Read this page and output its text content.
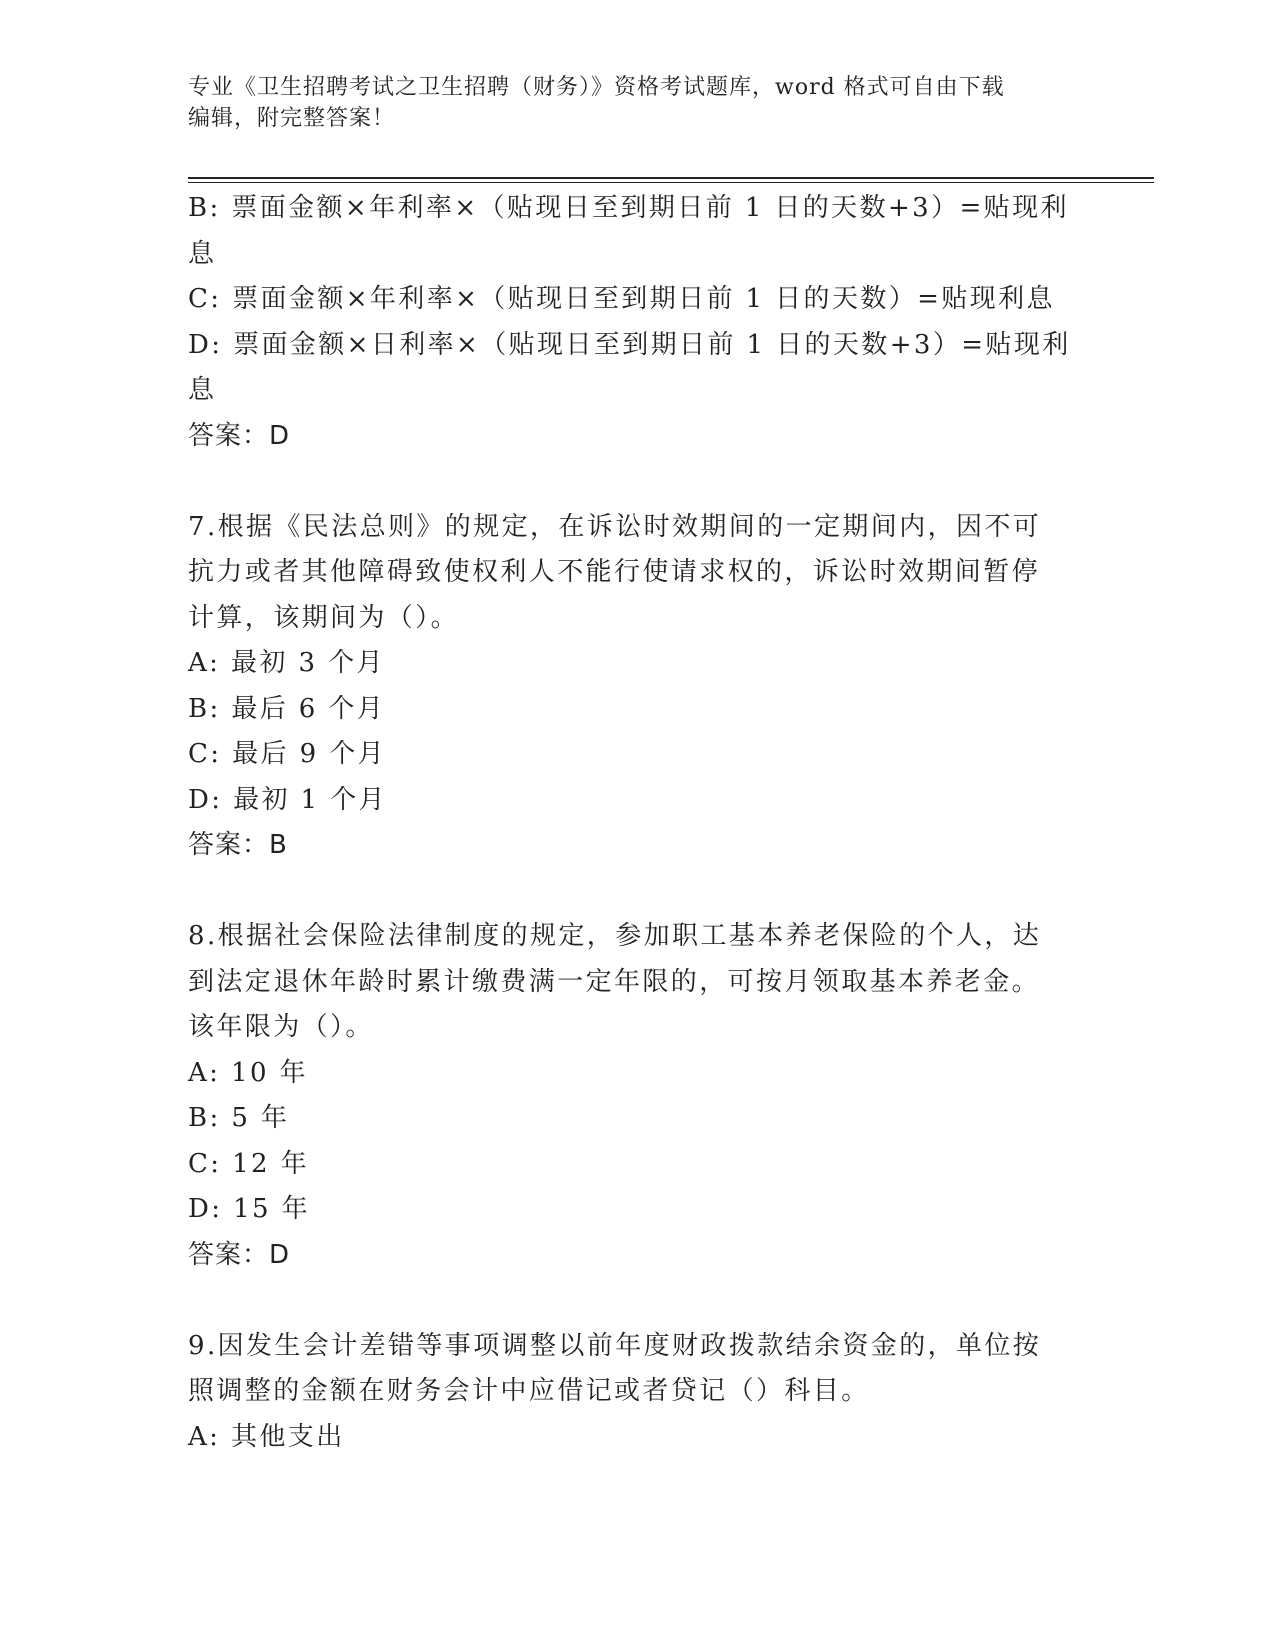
专业《卫生招聘考试之卫生招聘（财务）》资格考试题库，word 格式可自由下载
编辑，附完整答案！
B: 票面金额×年利率×（贴现日至到期日前 1 日的天数+3）=贴现利
息
C: 票面金额×年利率×（贴现日至到期日前 1 日的天数）=贴现利息
D: 票面金额×日利率×（贴现日至到期日前 1 日的天数+3）=贴现利
息
答案：D
7.根据《民法总则》的规定，在诉讼时效期间的一定期间内，因不可
抗力或者其他障碍致使权利人不能行使请求权的，诉讼时效期间暂停
计算，该期间为（）。
A: 最初 3 个月
B: 最后 6 个月
C: 最后 9 个月
D: 最初 1 个月
答案：B
8.根据社会保险法律制度的规定，参加职工基本养老保险的个人，达
到法定退休年龄时累计缴费满一定年限的，可按月领取基本养老金。
该年限为（）。
A: 10 年
B: 5 年
C: 12 年
D: 15 年
答案：D
9.因发生会计差错等事项调整以前年度财政拨款结余资金的，单位按
照调整的金额在财务会计中应借记或者贷记（）科目。
A: 其他支出
